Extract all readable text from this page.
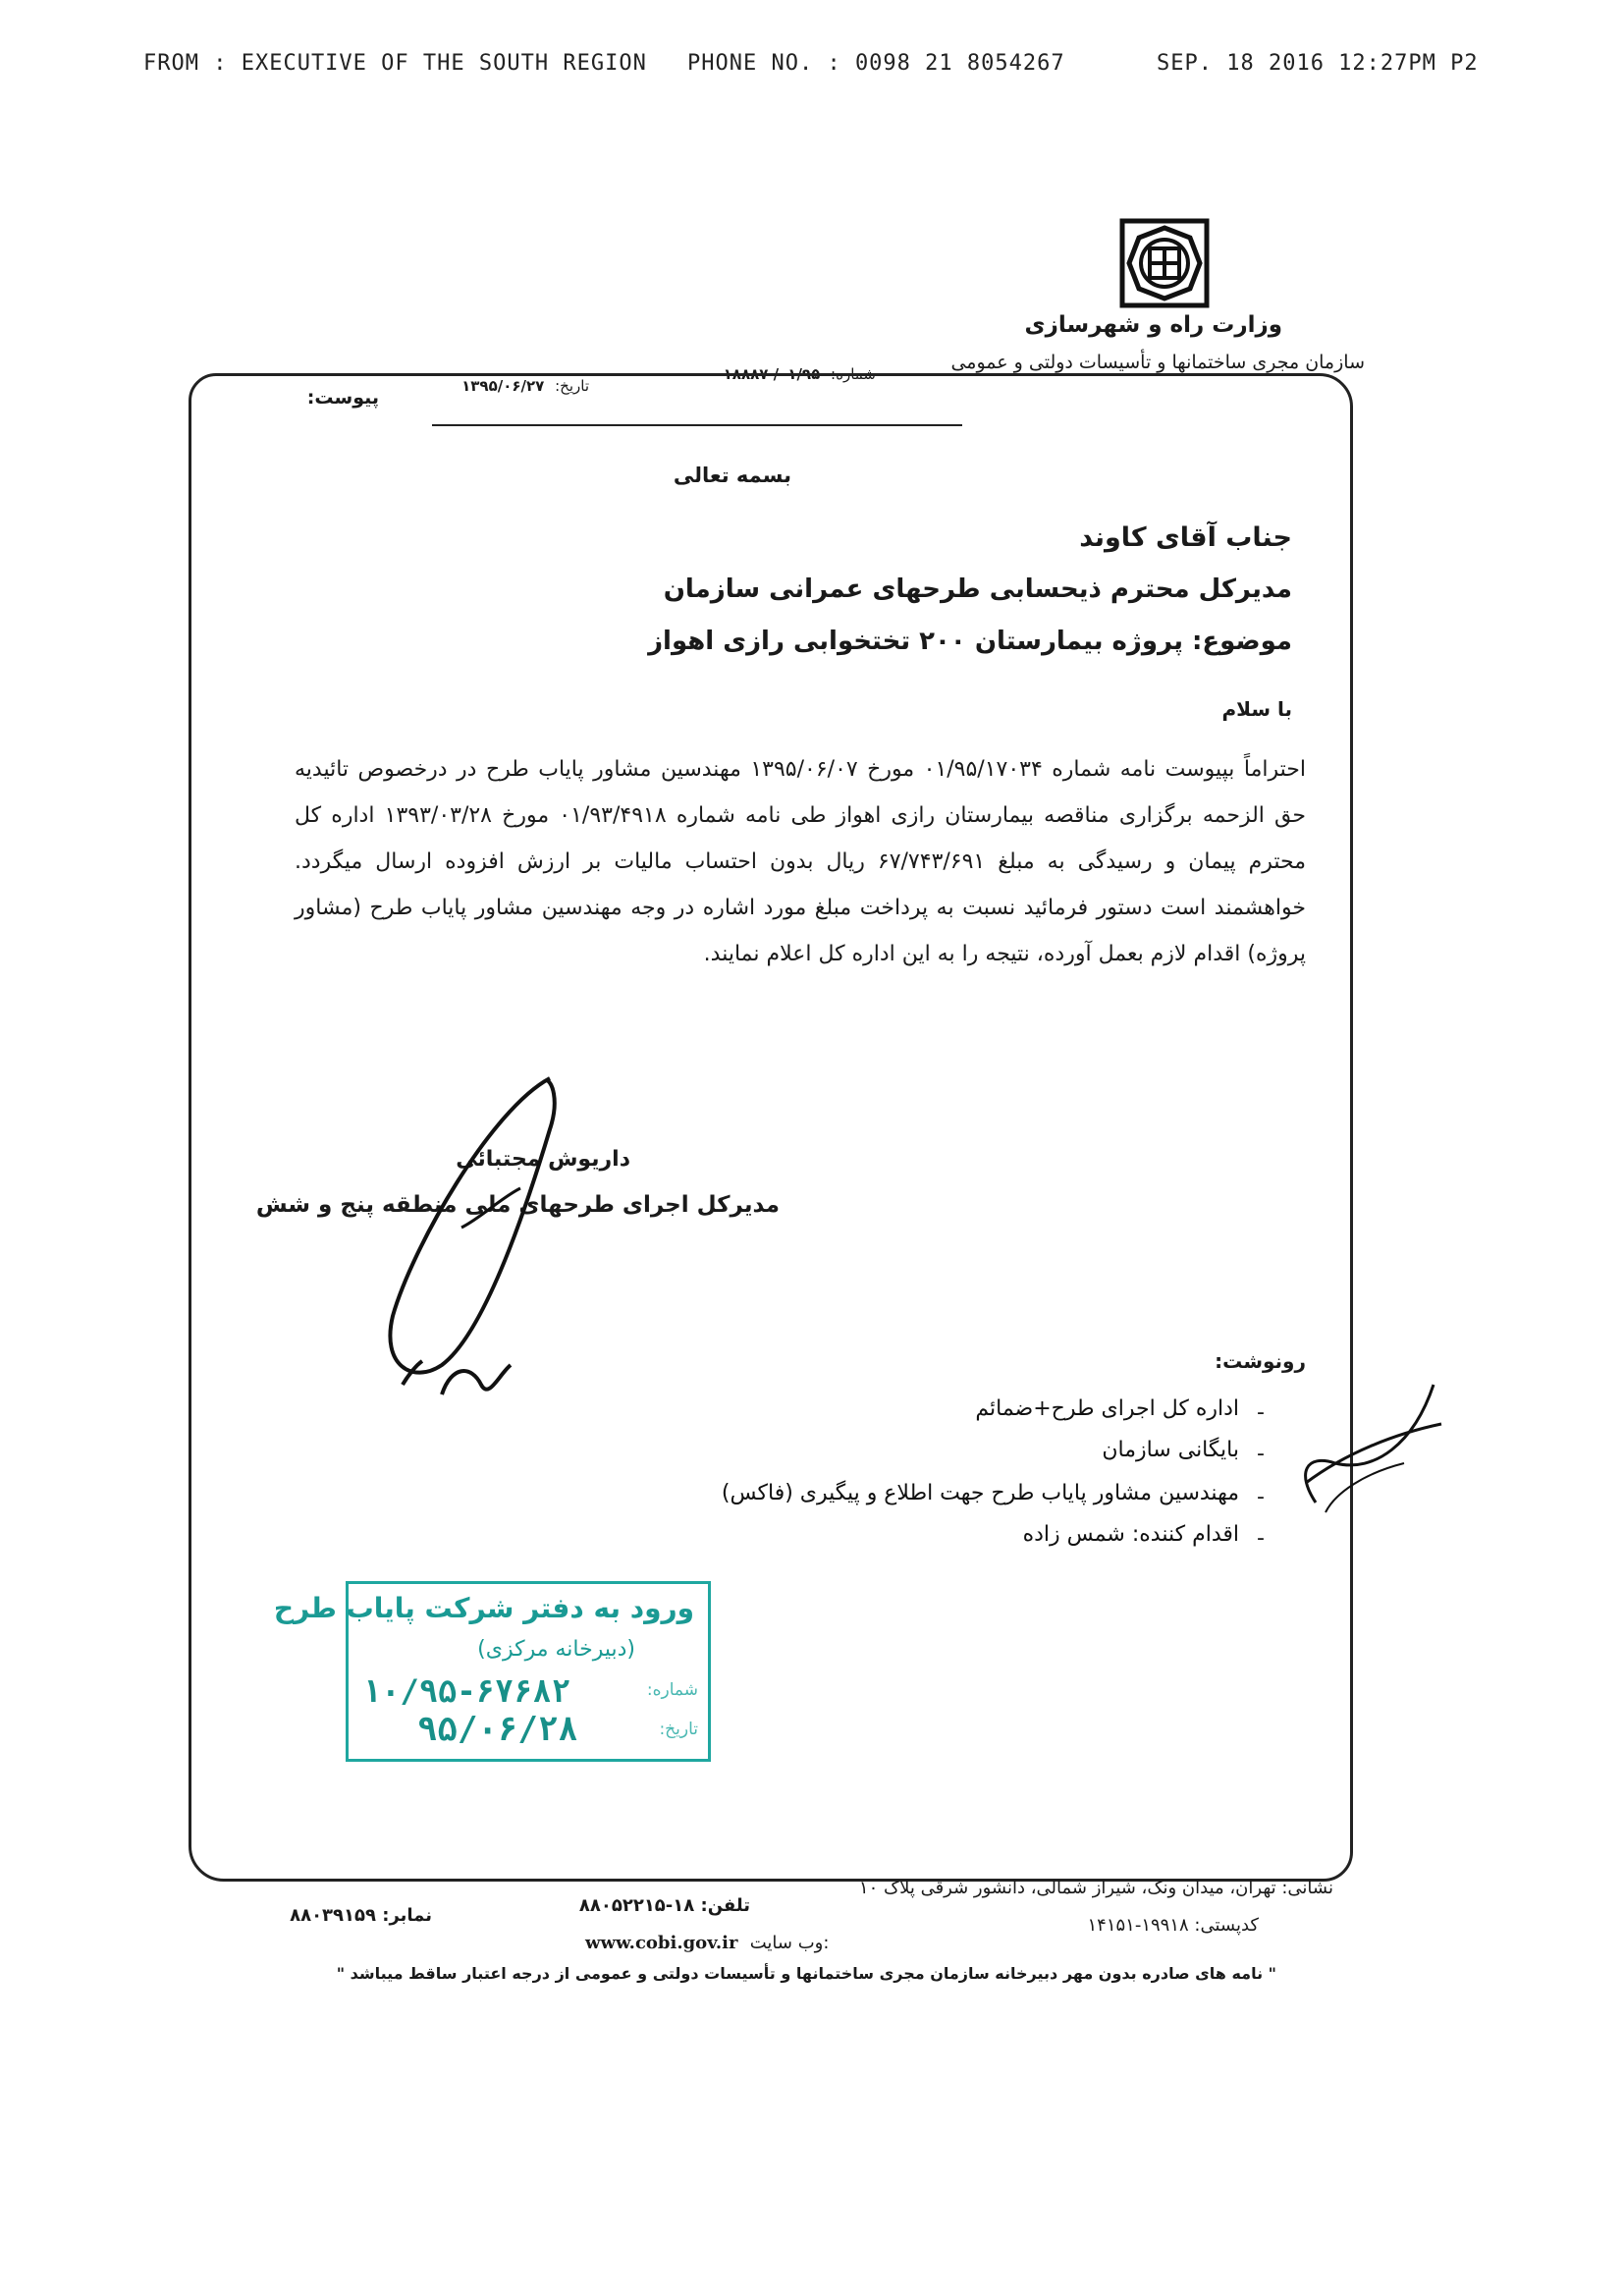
FROM : EXECUTIVE OF THE SOUTH REGION PHONE NO. : 0098 21 8054267	SEP. 18 2016 12:27PM P2
وزارت راه و شهرسازی
سازمان مجری ساختمانها و تأسیسات دولتی و عمومی
شماره: ۰۱/۹۵/ ۱۸۸۸۷
تاریخ: ۱۳۹۵/۰۶/۲۷
پیوست:
بسمه تعالی
جناب آقای کاوند
مدیرکل محترم ذیحسابی طرحهای عمرانی سازمان
موضوع: پروژه بیمارستان ۲۰۰ تختخوابی رازی اهواز
با سلام
احتراماً بپیوست نامه شماره ۰۱/۹۵/۱۷۰۳۴ مورخ ۱۳۹۵/۰۶/۰۷ مهندسین مشاور پایاب طرح در درخصوص تائیدیه حق الزحمه برگزاری مناقصه بیمارستان رازی اهواز طی نامه شماره ۰۱/۹۳/۴۹۱۸ مورخ ۱۳۹۳/۰۳/۲۸ اداره کل محترم پیمان و رسیدگی به مبلغ ۶۷/۷۴۳/۶۹۱ ریال بدون احتساب مالیات بر ارزش افزوده ارسال میگردد. خواهشمند است دستور فرمائید نسبت به پرداخت مبلغ مورد اشاره در وجه مهندسین مشاور پایاب طرح (مشاور پروژه) اقدام لازم بعمل آورده، نتیجه را به این اداره کل اعلام نمایند.
داریوش مجتبائی
مدیرکل اجرای طرحهای ملی منطقه پنج و شش
رونوشت:
اداره کل اجرای طرح+ضمائم
بایگانی سازمان
مهندسین مشاور پایاب طرح جهت اطلاع و پیگیری (فاکس)
اقدام کننده: شمس زاده
-
-
-
-
ورود به دفتر شرکت پایاب طرح
(دبیرخانه مرکزی)
شماره:
۱۰/۹۵-۶۷۶۸۲
تاریخ:
۹۵/۰۶/۲۸
نشانی: تهران، میدان ونک، شیراز شمالی، دانشور شرقی پلاک ۱۰
کدپستی: ۱۹۹۱۸-۱۴۱۵۱
تلفن: ۱۸-۸۸۰۵۲۲۱۵
www.cobi.gov.ir وب سایت:
نمابر: ۸۸۰۳۹۱۵۹
" نامه های صادره بدون مهر دبیرخانه سازمان مجری ساختمانها و تأسیسات دولتی و عمومی از درجه اعتبار ساقط میباشد "
